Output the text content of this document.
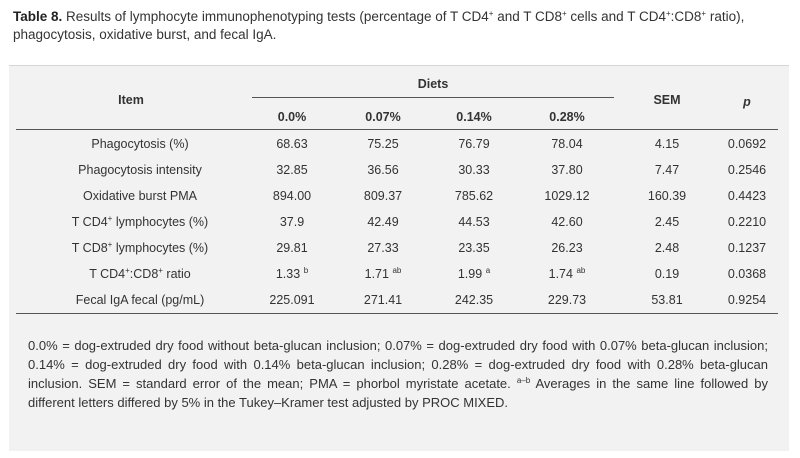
Table 8. Results of lymphocyte immunophenotyping tests (percentage of T CD4+ and T CD8+ cells and T CD4+:CD8+ ratio), phagocytosis, oxidative burst, and fecal IgA.
Diets
Item	SEM	p
0.0%	0.07%	0.14%	0.28%
Phagocytosis (%)	68.63	75.25	76.79	78.04	4.15	0.0692
Phagocytosis intensity	32.85	36.56	30.33	37.80	7.47	0.2546
Oxidative burst PMA	894.00	809.37	785.62	1029.12	160.39	0.4423
T CD4+ lymphocytes (%)	37.9	42.49	44.53	42.60	2.45	0.2210
T CD8+ lymphocytes (%)	29.81	27.33	23.35	26.23	2.48	0.1237
T CD4+:CD8+ ratio	1.33 $^b$	1.71 $^{ab}$	1.99 $^a$	1.74 $^{ab}$	0.19	0.0368
Fecal IgA fecal (pg/mL)	225.091	271.41	242.35	229.73	53.81	0.9254
0.0% = dog-extruded dry food without beta-glucan inclusion; 0.07% = dog-extruded dry food with 0.07% beta-glucan inclusion; 0.14% = dog-extruded dry food with 0.14% beta-glucan inclusion; 0.28% = dog-extruded dry food with 0.28% beta-glucan inclusion. SEM = standard error of the mean; PMA = phorbol myristate acetate. $^{a-b}$ Averages in the same line followed by different letters differed by 5% in the Tukey–Kramer test adjusted by PROC MIXED.
